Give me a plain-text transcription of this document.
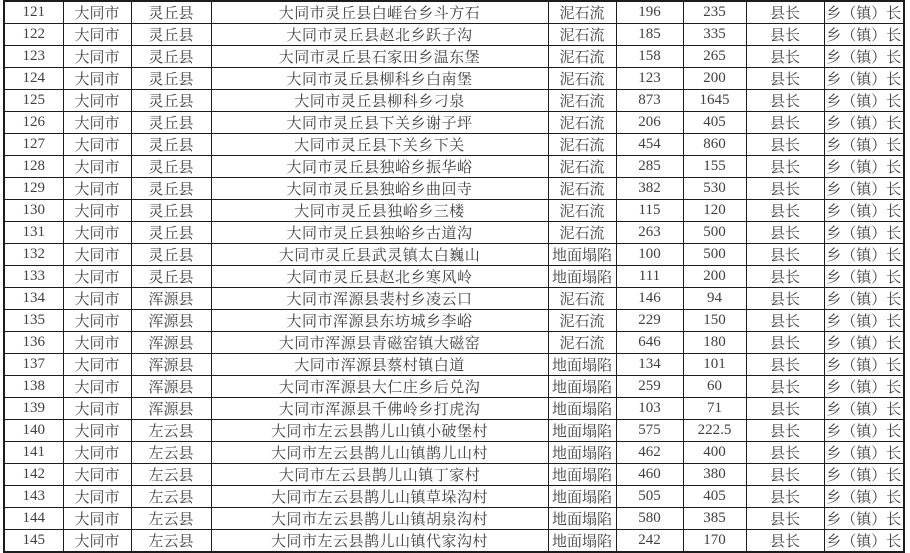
121	大同市	灵丘县	大同市灵丘县白崕台乡斗方石	泥石流	196	235	县长	乡（镇）长
122	大同市	灵丘县	大同市灵丘县赵北乡跃子沟	泥石流	185	335	县长	乡（镇）长
123	大同市	灵丘县	大同市灵丘县石家田乡温东堡	泥石流	158	265	县长	乡（镇）长
124	大同市	灵丘县	大同市灵丘县柳科乡白南堡	泥石流	123	200	县长	乡（镇）长
125	大同市	灵丘县	大同市灵丘县柳科乡刁泉	泥石流	873	1645	县长	乡（镇）长
126	大同市	灵丘县	大同市灵丘县下关乡谢子坪	泥石流	206	405	县长	乡（镇）长
127	大同市	灵丘县	大同市灵丘县下关乡下关	泥石流	454	860	县长	乡（镇）长
128	大同市	灵丘县	大同市灵丘县独峪乡振华峪	泥石流	285	155	县长	乡（镇）长
129	大同市	灵丘县	大同市灵丘县独峪乡曲回寺	泥石流	382	530	县长	乡（镇）长
130	大同市	灵丘县	大同市灵丘县独峪乡三楼	泥石流	115	120	县长	乡（镇）长
131	大同市	灵丘县	大同市灵丘县独峪乡古道沟	泥石流	263	500	县长	乡（镇）长
132	大同市	灵丘县	大同市灵丘县武灵镇太白巍山	地面塌陷	100	500	县长	乡（镇）长
133	大同市	灵丘县	大同市灵丘县赵北乡寒风岭	地面塌陷	111	200	县长	乡（镇）长
134	大同市	浑源县	大同市浑源县裴村乡凌云口	泥石流	146	94	县长	乡（镇）长
135	大同市	浑源县	大同市浑源县东坊城乡李峪	泥石流	229	150	县长	乡（镇）长
136	大同市	浑源县	大同市浑源县青磁窑镇大磁窑	泥石流	646	180	县长	乡（镇）长
137	大同市	浑源县	大同市浑源县蔡村镇白道	地面塌陷	134	101	县长	乡（镇）长
138	大同市	浑源县	大同市浑源县大仁庄乡后兑沟	地面塌陷	259	60	县长	乡（镇）长
139	大同市	浑源县	大同市浑源县千佛岭乡打虎沟	地面塌陷	103	71	县长	乡（镇）长
140	大同市	左云县	大同市左云县鹊儿山镇小破堡村	地面塌陷	575	222.5	县长	乡（镇）长
141	大同市	左云县	大同市左云县鹊儿山镇鹊儿山村	地面塌陷	462	400	县长	乡（镇）长
142	大同市	左云县	大同市左云县鹊儿山镇丁家村	地面塌陷	460	380	县长	乡（镇）长
143	大同市	左云县	大同市左云县鹊儿山镇草垛沟村	地面塌陷	505	405	县长	乡（镇）长
144	大同市	左云县	大同市左云县鹊儿山镇胡泉沟村	地面塌陷	580	385	县长	乡（镇）长
145	大同市	左云县	大同市左云县鹊儿山镇代家沟村	地面塌陷	242	170	县长	乡（镇）长
